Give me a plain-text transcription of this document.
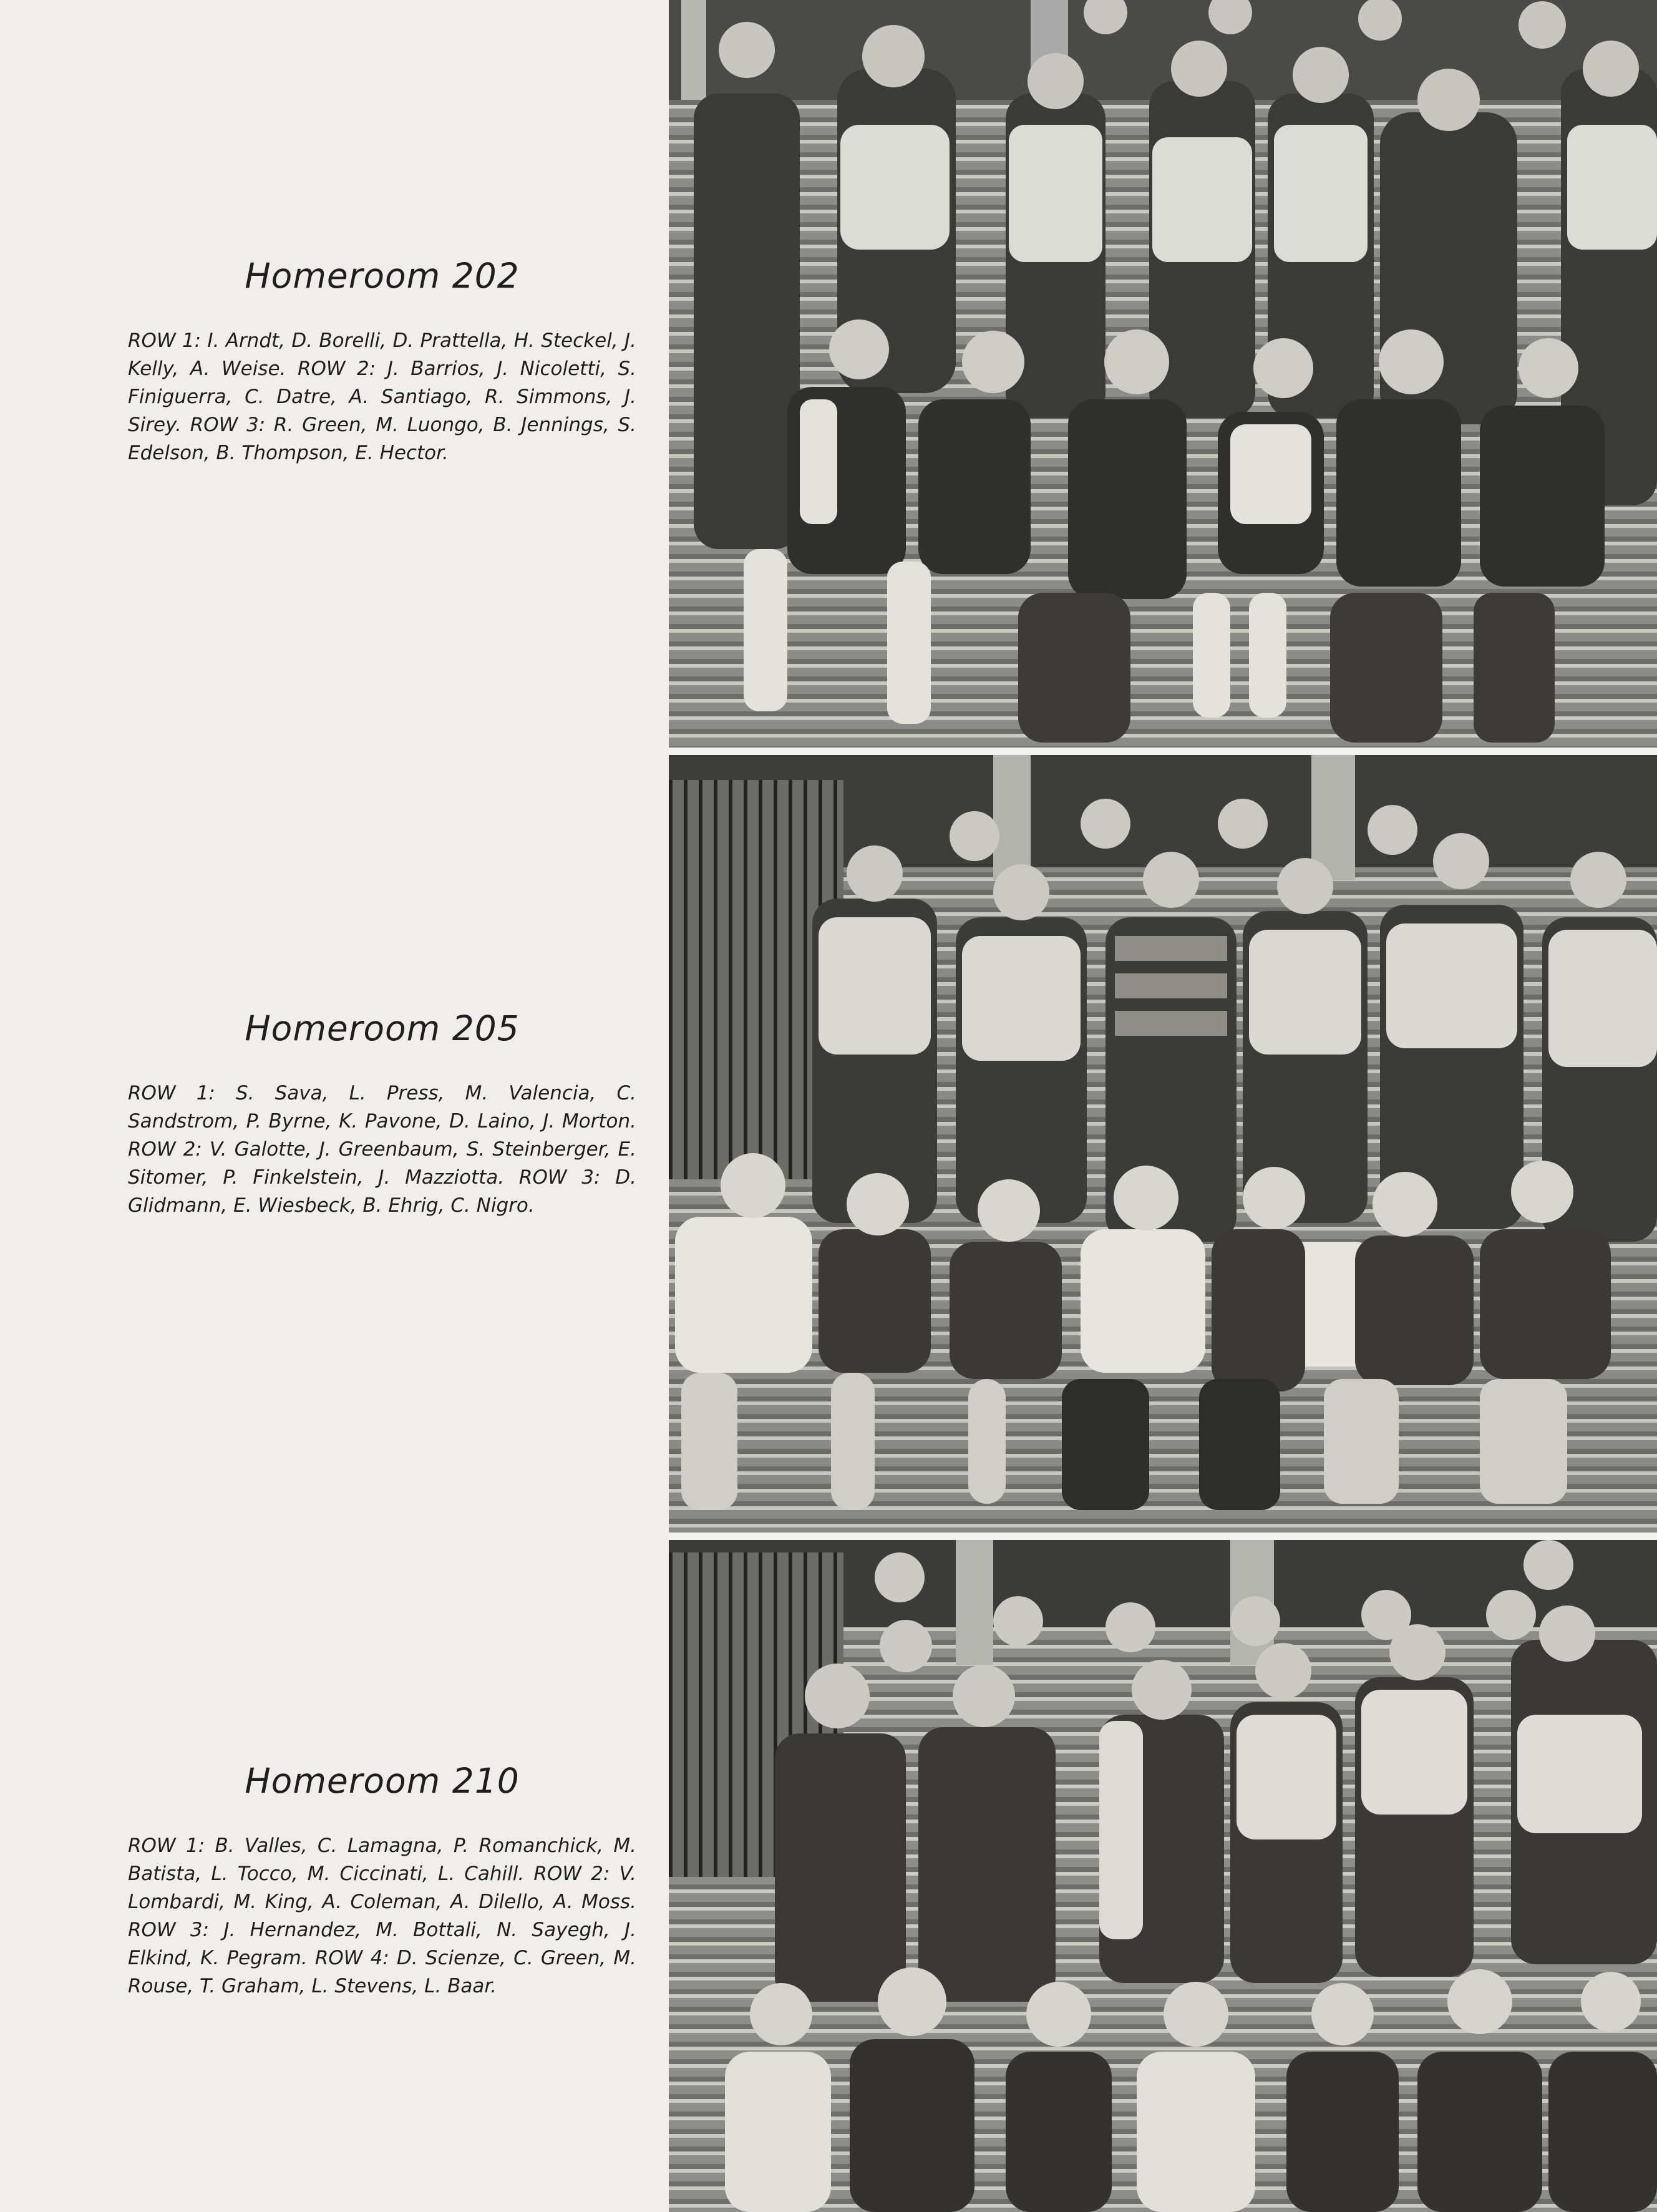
Homeroom 202

ROW 1: I. Arndt, D. Borelli, D. Prattella, H. Steckel, J. Kelly, A. Weise. ROW 2: J. Barrios, J. Nicoletti, S. Finiguerra, C. Datre, A. Santiago, R. Simmons, J. Sirey. ROW 3: R. Green, M. Luongo, B. Jennings, S. Edelson, B. Thompson, E. Hector.

Homeroom 205

ROW 1: S. Sava, L. Press, M. Valencia, C. Sandstrom, P. Byrne, K. Pavone, D. Laino, J. Morton. ROW 2: V. Galotte, J. Greenbaum, S. Steinberger, E. Sitomer, P. Finkelstein, J. Mazziotta. ROW 3: D. Glidmann, E. Wiesbeck, B. Ehrig, C. Nigro.

Homeroom 210

ROW 1: B. Valles, C. Lamagna, P. Romanchick, M. Batista, L. Tocco, M. Ciccinati, L. Cahill. ROW 2: V. Lombardi, M. King, A. Coleman, A. Dilello, A. Moss. ROW 3: J. Hernandez, M. Bottali, N. Sayegh, J. Elkind, K. Pegram. ROW 4: D. Scienze, C. Green, M. Rouse, T. Graham, L. Stevens, L. Baar.
